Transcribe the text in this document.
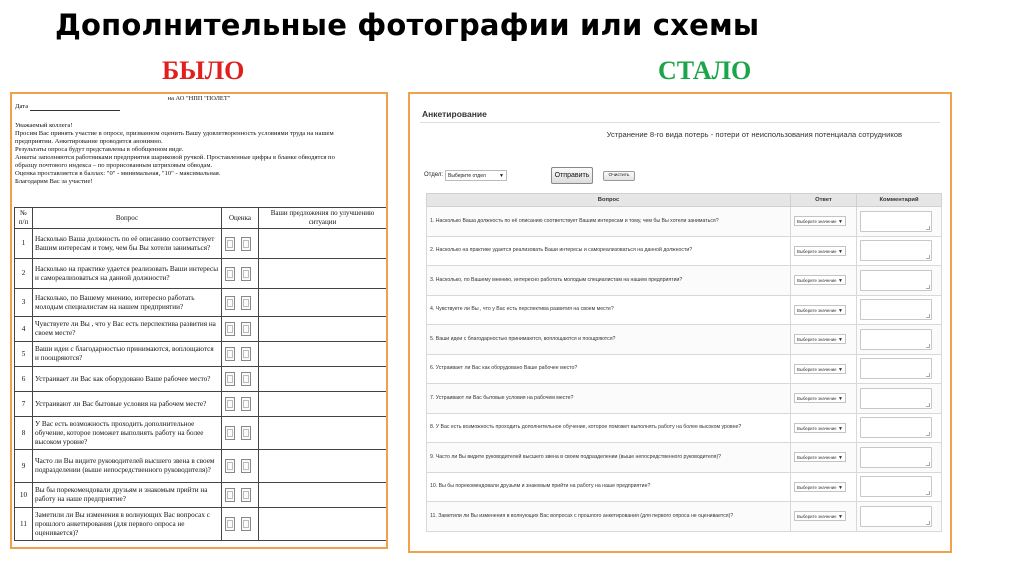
Дополнительные фотографии или схемы
БЫЛО	СТАЛО
на АО "НПП "ПОЛЕТ"
Дата
Уважаемый коллега!
Просим Вас принять участие в опросе, призванном оценить Вашу удовлетворенность условиями труда на нашем
предприятии. Анкетирование проводится анонимно.
Результаты опроса будут представлены в обобщенном виде.
Анкеты заполняются работниками предприятия шариковой ручкой. Проставленные цифры в бланке обводятся по
образцу почтового индекса – по прорисованным штриховым обводам.
Оценка проставляется в баллах: "0" - минимальная, "10" - максимальная.
Благодарим Вас за участие!
№ п/п	Вопрос	Оценка	Ваши предложения по улучшению ситуации
1	Насколько Ваша должность по её описанию соответствует Вашим интересам и тому, чем бы Вы хотели заниматься?		
2	Насколько на практике удается реализовать Ваши интересы и самореализоваться на данной должности?		
3	Насколько, по Вашему мнению, интересно работать молодым специалистам на нашем предприятии?		
4	Чувствуете ли Вы , что у Вас есть перспектива развития на своем месте?		
5	Ваши идеи с благодарностью принимаются, воплощаются и поощряются?		
6	Устраивает ли Вас как оборудовано Ваше рабочее место?		
7	Устраивают ли Вас бытовые условия на рабочем месте?		
8	У Вас есть возможность проходить дополнительное обучение, которое поможет выполнять работу на более высоком уровне?		
9	Часто ли Вы видите руководителей высшего звена в своем подразделении (выше непосредственного руководителя)?		
10	Вы бы порекомендовали друзьям и знакомым прийти на работу на наше предприятие?		
11	Заметили ли Вы изменения в волнующих Вас вопросах с прошлого анкетирования (для первого опроса не оценивается)?		
Анкетирование
Устранение 8-го вида потерь - потери от неиспользования потенциала сотрудников
Отдел: Выберите отдел	▼	Отправить	Очистить
Вопрос	Ответ	Комментарий
1. Насколько Ваша должность по её описанию соответствует Вашим интересам и тому, чем бы Вы хотели заниматься?	Выберите значение ▼	

2. Насколько на практике удается реализовать Ваши интересы и самореализоваться на данной должности?	Выберите значение ▼	

3. Насколько, по Вашему мнению, интересно работать молодым специалистам на нашем предприятии?	Выберите значение ▼	

4. Чувствуете ли Вы , что у Вас есть перспектива развития на своем месте?	Выберите значение ▼	

5. Ваши идеи с благодарностью принимаются, воплощаются и поощряются?	Выберите значение ▼	

6. Устраивает ли Вас как оборудовано Ваше рабочее место?	Выберите значение ▼	

7. Устраивают ли Вас бытовые условия на рабочем месте?	Выберите значение ▼	

8. У Вас есть возможность проходить дополнительное обучение, которое поможет выполнять работу на более высоком уровне?	Выберите значение ▼	

9. Часто ли Вы видите руководителей высшего звена в своем подразделении (выше непосредственного руководителя)?	Выберите значение ▼	

10. Вы бы порекомендовали друзьям и знакомым прийти на работу на наше предприятие?	Выберите значение ▼	

11. Заметили ли Вы изменения в волнующих Вас вопросах с прошлого анкетирования (для первого опроса не оценивается)?	Выберите значение ▼	
